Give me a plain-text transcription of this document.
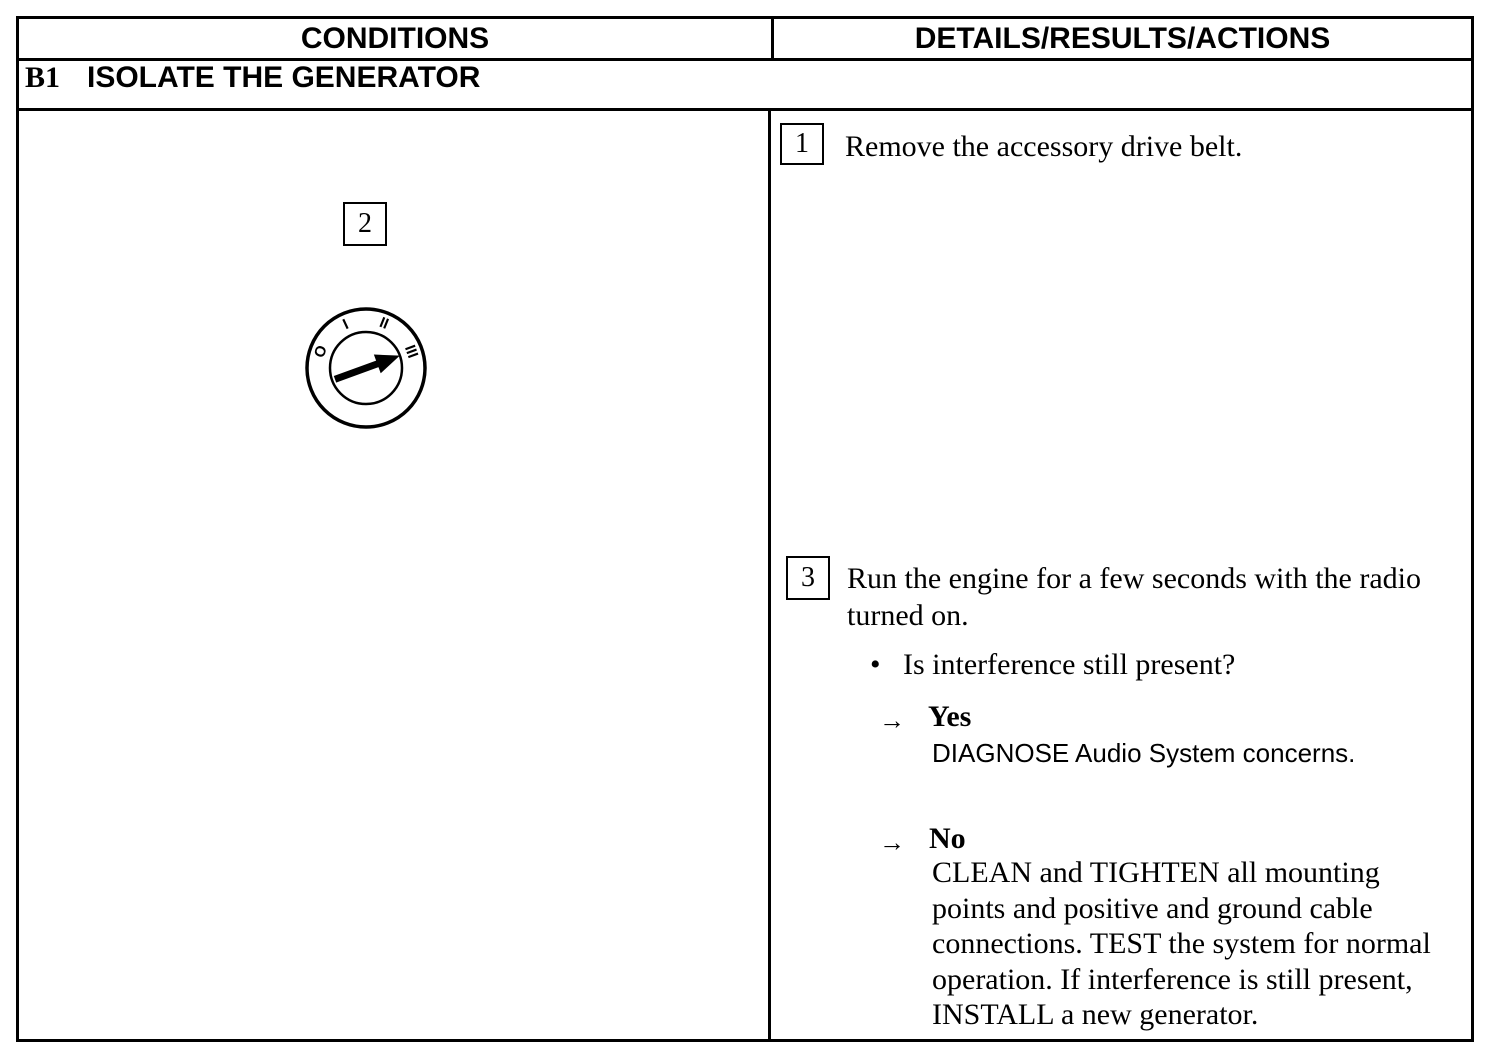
CONDITIONS	DETAILS/RESULTS/ACTIONS
B1 ISOLATE THE GENERATOR
2
O
I II
III
1 Remove the accessory drive belt.
3 Run the engine for a few seconds with the radio
turned on.
• Is interference still present?
→ Yes
DIAGNOSE Audio System concerns.
→ No
CLEAN and TIGHTEN all mounting
points and positive and ground cable
connections. TEST the system for normal
operation. If interference is still present,
INSTALL a new generator.
